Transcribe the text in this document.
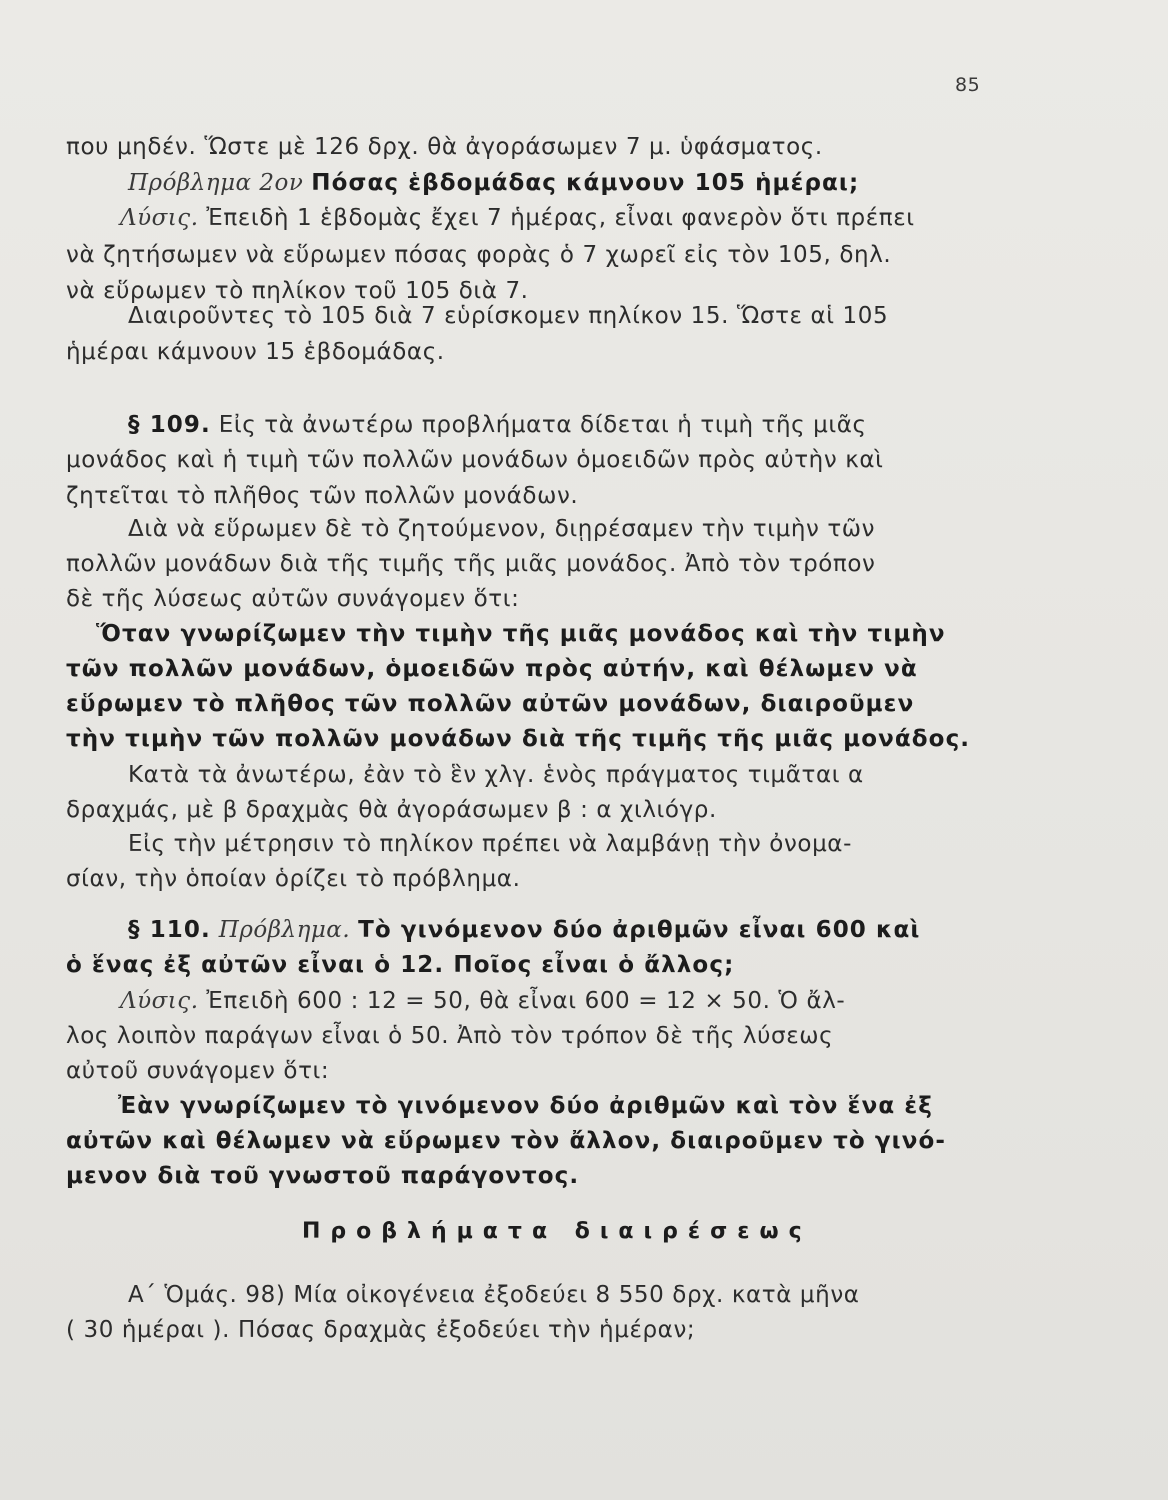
85
που μηδέν. Ὥστε μὲ 126 δρχ. θὰ ἀγοράσωμεν 7 μ. ὑφάσματος.
Πρόβλημα 2ον Πόσας ἑβδομάδας κάμνουν 105 ἡμέραι;
Λύσις. Ἐπειδὴ 1 ἑβδομὰς ἔχει 7 ἡμέρας, εἶναι φανερὸν ὅτι πρέπει
νὰ ζητήσωμεν νὰ εὕρωμεν πόσας φορὰς ὁ 7 χωρεῖ εἰς τὸν 105, δηλ.
νὰ εὕρωμεν τὸ πηλίκον τοῦ 105 διὰ 7.
Διαιροῦντες τὸ 105 διὰ 7 εὑρίσκομεν πηλίκον 15. Ὥστε αἱ 105
ἡμέραι κάμνουν 15 ἑβδομάδας.
§ 109. Εἰς τὰ ἀνωτέρω προβλήματα δίδεται ἡ τιμὴ τῆς μιᾶς
μονάδος καὶ ἡ τιμὴ τῶν πολλῶν μονάδων ὁμοειδῶν πρὸς αὐτὴν καὶ
ζητεῖται τὸ πλῆθος τῶν πολλῶν μονάδων.
Διὰ νὰ εὕρωμεν δὲ τὸ ζητούμενον, διῃρέσαμεν τὴν τιμὴν τῶν
πολλῶν μονάδων διὰ τῆς τιμῆς τῆς μιᾶς μονάδος. Ἀπὸ τὸν τρόπον
δὲ τῆς λύσεως αὐτῶν συνάγομεν ὅτι:
Ὅταν γνωρίζωμεν τὴν τιμὴν τῆς μιᾶς μονάδος καὶ τὴν τιμὴν
τῶν πολλῶν μονάδων, ὁμοειδῶν πρὸς αὐτήν, καὶ θέλωμεν νὰ
εὕρωμεν τὸ πλῆθος τῶν πολλῶν αὐτῶν μονάδων, διαιροῦμεν
τὴν τιμὴν τῶν πολλῶν μονάδων διὰ τῆς τιμῆς τῆς μιᾶς μονάδος.
Κατὰ τὰ ἀνωτέρω, ἐὰν τὸ ἓν χλγ. ἑνὸς πράγματος τιμᾶται α
δραχμάς, μὲ β δραχμὰς θὰ ἀγοράσωμεν β : α χιλιόγρ.
Εἰς τὴν μέτρησιν τὸ πηλίκον πρέπει νὰ λαμβάνῃ τὴν ὀνομα-
σίαν, τὴν ὁποίαν ὁρίζει τὸ πρόβλημα.
§ 110. Πρόβλημα. Τὸ γινόμενον δύο ἀριθμῶν εἶναι 600 καὶ
ὁ ἕνας ἐξ αὐτῶν εἶναι ὁ 12. Ποῖος εἶναι ὁ ἄλλος;
Λύσις. Ἐπειδὴ 600 : 12 = 50, θὰ εἶναι 600 = 12 × 50. Ὁ ἄλ-
λος λοιπὸν παράγων εἶναι ὁ 50. Ἀπὸ τὸν τρόπον δὲ τῆς λύσεως
αὐτοῦ συνάγομεν ὅτι:
Ἐὰν γνωρίζωμεν τὸ γινόμενον δύο ἀριθμῶν καὶ τὸν ἕνα ἐξ
αὐτῶν καὶ θέλωμεν νὰ εὕρωμεν τὸν ἄλλον, διαιροῦμεν τὸ γινό-
μενον διὰ τοῦ γνωστοῦ παράγοντος.
Προβλήματα διαιρέσεως
Α΄ Ὁμάς. 98) Μία οἰκογένεια ἐξοδεύει 8 550 δρχ. κατὰ μῆνα
( 30 ἡμέραι ). Πόσας δραχμὰς ἐξοδεύει τὴν ἡμέραν;
